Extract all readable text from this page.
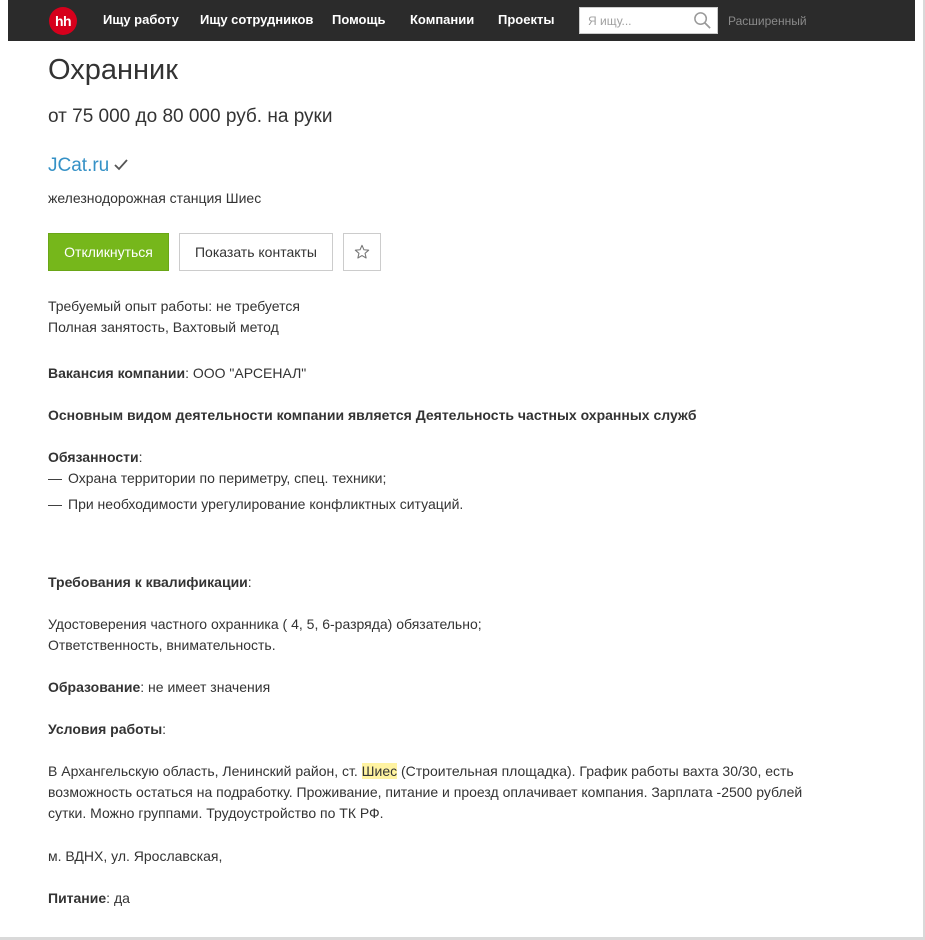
hh	Ищу работу Ищу сотрудников Помощь Компании Проекты
Я ищу...	Расширенный
Охранник
от 75 000 до 80 000 руб. на руки
JCat.ru
железнодорожная станция Шиес
Откликнуться	Показать контакты
Требуемый опыт работы: не требуется
Полная занятость, Вахтовый метод
Вакансия компании: ООО "АРСЕНАЛ"
Основным видом деятельности компании является Деятельность частных охранных служб
Обязанности:
— Охрана территории по периметру, спец. техники;
— При необходимости урегулирование конфликтных ситуаций.
Требования к квалификации:
Удостоверения частного охранника ( 4, 5, 6-разряда) обязательно;
Ответственность, внимательность.
Образование: не имеет значения
Условия работы:
В Архангельскую область, Ленинский район, ст. Шиес (Строительная площадка). График работы вахта 30/30, есть возможность остаться на подработку. Проживание, питание и проезд оплачивает компания. Зарплата -2500 рублей сутки. Можно группами. Трудоустройство по ТК РФ.
м. ВДНХ, ул. Ярославская,
Питание: да
